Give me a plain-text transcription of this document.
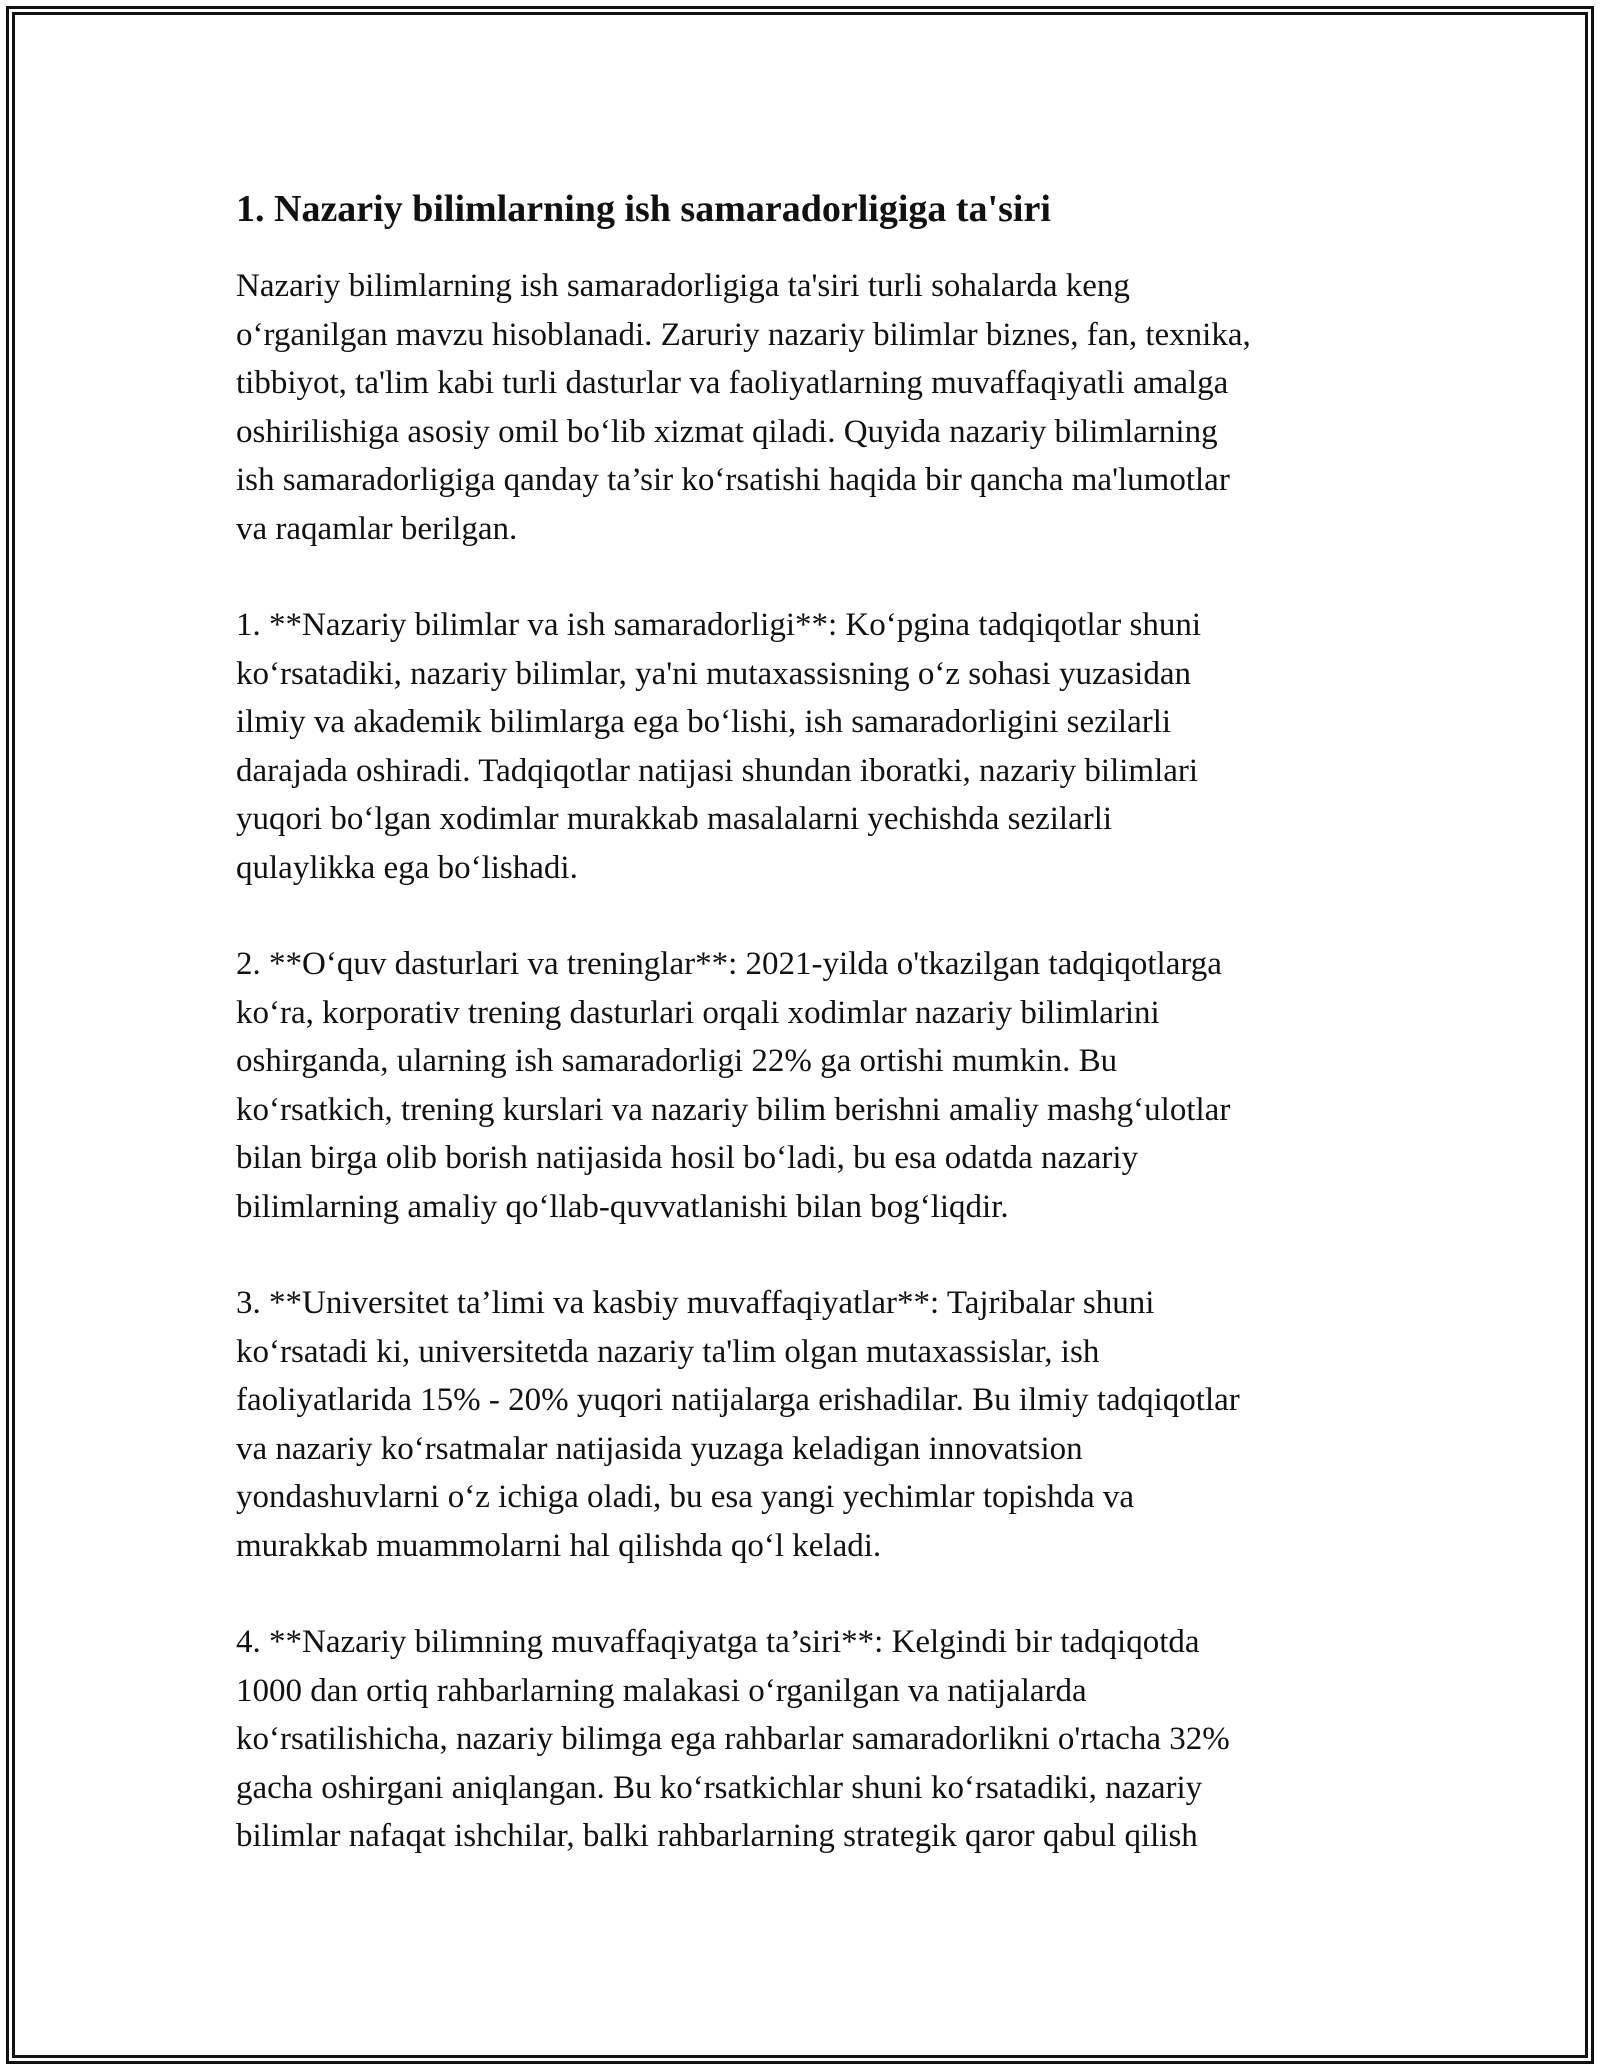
1. Nazariy bilimlarning ish samaradorligiga ta'siri

Nazariy bilimlarning ish samaradorligiga ta'siri turli sohalarda keng
o‘rganilgan mavzu hisoblanadi. Zaruriy nazariy bilimlar biznes, fan, texnika,
tibbiyot, ta'lim kabi turli dasturlar va faoliyatlarning muvaffaqiyatli amalga
oshirilishiga asosiy omil bo‘lib xizmat qiladi. Quyida nazariy bilimlarning
ish samaradorligiga qanday ta’sir ko‘rsatishi haqida bir qancha ma'lumotlar
va raqamlar berilgan.

1. **Nazariy bilimlar va ish samaradorligi**: Ko‘pgina tadqiqotlar shuni
ko‘rsatadiki, nazariy bilimlar, ya'ni mutaxassisning o‘z sohasi yuzasidan
ilmiy va akademik bilimlarga ega bo‘lishi, ish samaradorligini sezilarli
darajada oshiradi. Tadqiqotlar natijasi shundan iboratki, nazariy bilimlari
yuqori bo‘lgan xodimlar murakkab masalalarni yechishda sezilarli
qulaylikka ega bo‘lishadi.

2. **O‘quv dasturlari va treninglar**: 2021-yilda o'tkazilgan tadqiqotlarga
ko‘ra, korporativ trening dasturlari orqali xodimlar nazariy bilimlarini
oshirganda, ularning ish samaradorligi 22% ga ortishi mumkin. Bu
ko‘rsatkich, trening kurslari va nazariy bilim berishni amaliy mashg‘ulotlar
bilan birga olib borish natijasida hosil bo‘ladi, bu esa odatda nazariy
bilimlarning amaliy qo‘llab-quvvatlanishi bilan bog‘liqdir.

3. **Universitet ta’limi va kasbiy muvaffaqiyatlar**: Tajribalar shuni
ko‘rsatadi ki, universitetda nazariy ta'lim olgan mutaxassislar, ish
faoliyatlarida 15% - 20% yuqori natijalarga erishadilar. Bu ilmiy tadqiqotlar
va nazariy ko‘rsatmalar natijasida yuzaga keladigan innovatsion
yondashuvlarni o‘z ichiga oladi, bu esa yangi yechimlar topishda va
murakkab muammolarni hal qilishda qo‘l keladi.

4. **Nazariy bilimning muvaffaqiyatga ta’siri**: Kelgindi bir tadqiqotda
1000 dan ortiq rahbarlarning malakasi o‘rganilgan va natijalarda
ko‘rsatilishicha, nazariy bilimga ega rahbarlar samaradorlikni o'rtacha 32%
gacha oshirgani aniqlangan. Bu ko‘rsatkichlar shuni ko‘rsatadiki, nazariy
bilimlar nafaqat ishchilar, balki rahbarlarning strategik qaror qabul qilish
